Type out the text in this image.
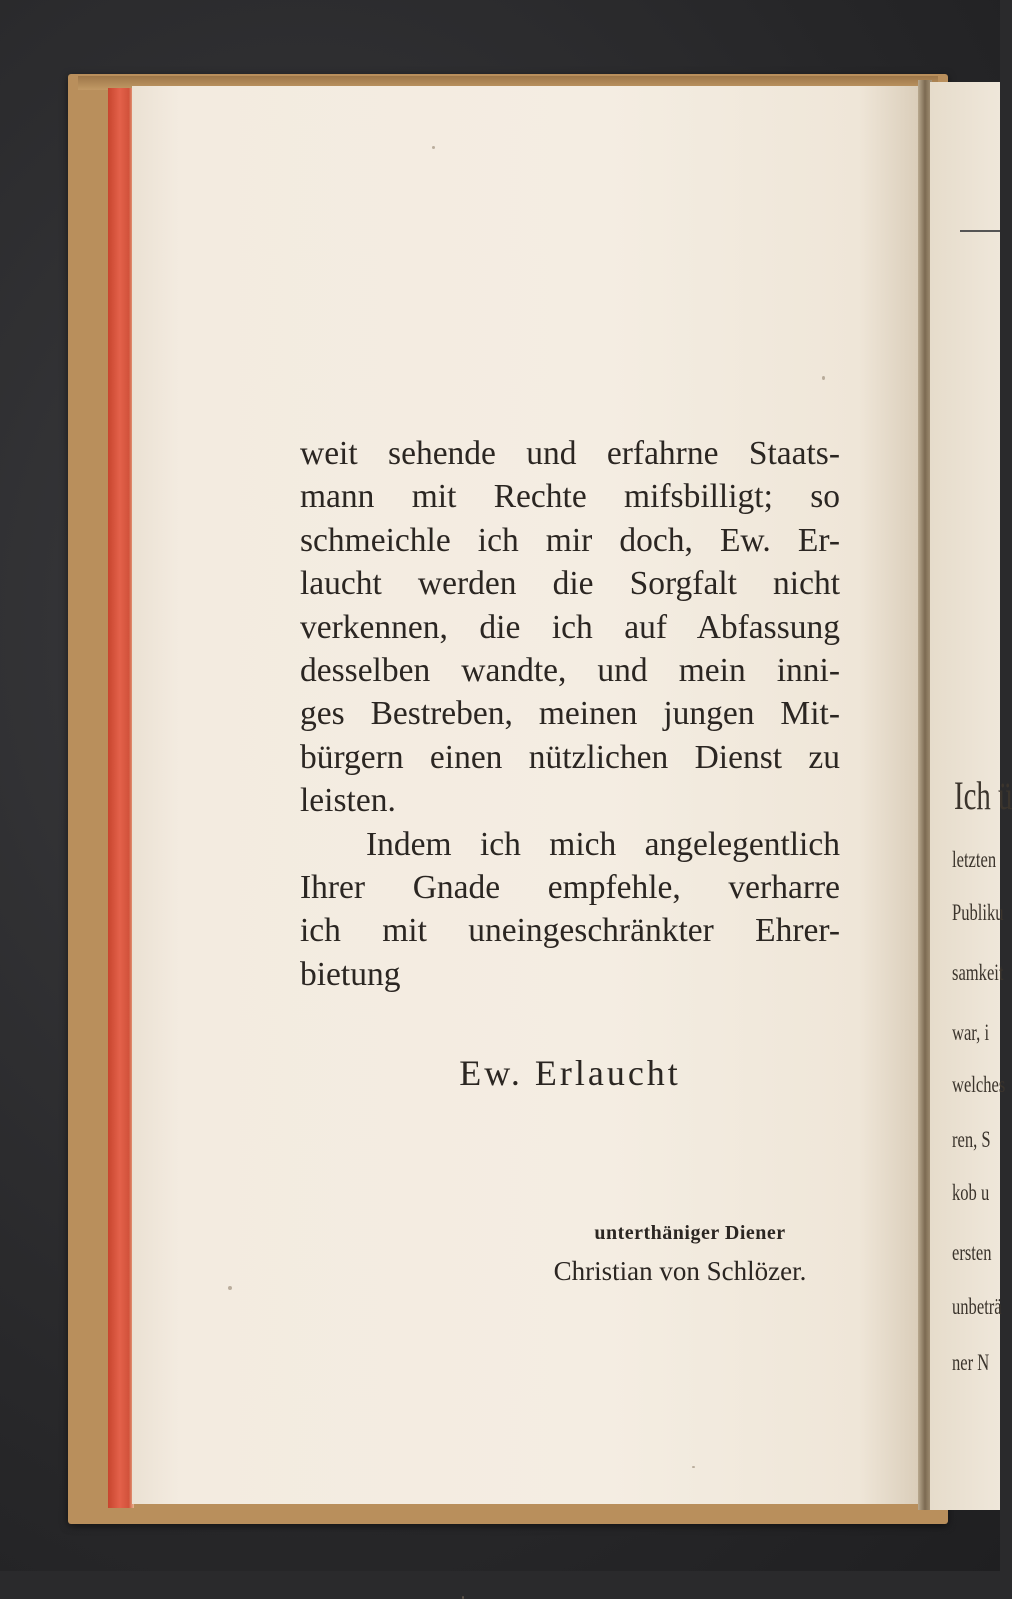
Ich ü
letzten
Publiku
samkeit
war, i
welches
ren, S
kob u
ersten
unbeträ
ner N
weit sehende und erfahrne Staats-
mann mit Rechte mifsbilligt; so
schmeichle ich mir doch, Ew. Er-
laucht werden die Sorgfalt nicht
verkennen, die ich auf Abfassung
desselben wandte, und mein inni-
ges Bestreben, meinen jungen Mit-
bürgern einen nützlichen Dienst zu
leisten.
Indem ich mich angelegentlich
Ihrer Gnade empfehle, verharre
ich mit uneingeschränkter Ehrer-
bietung
Ew. Erlaucht
unterthäniger Diener
Christian von Schlözer.
